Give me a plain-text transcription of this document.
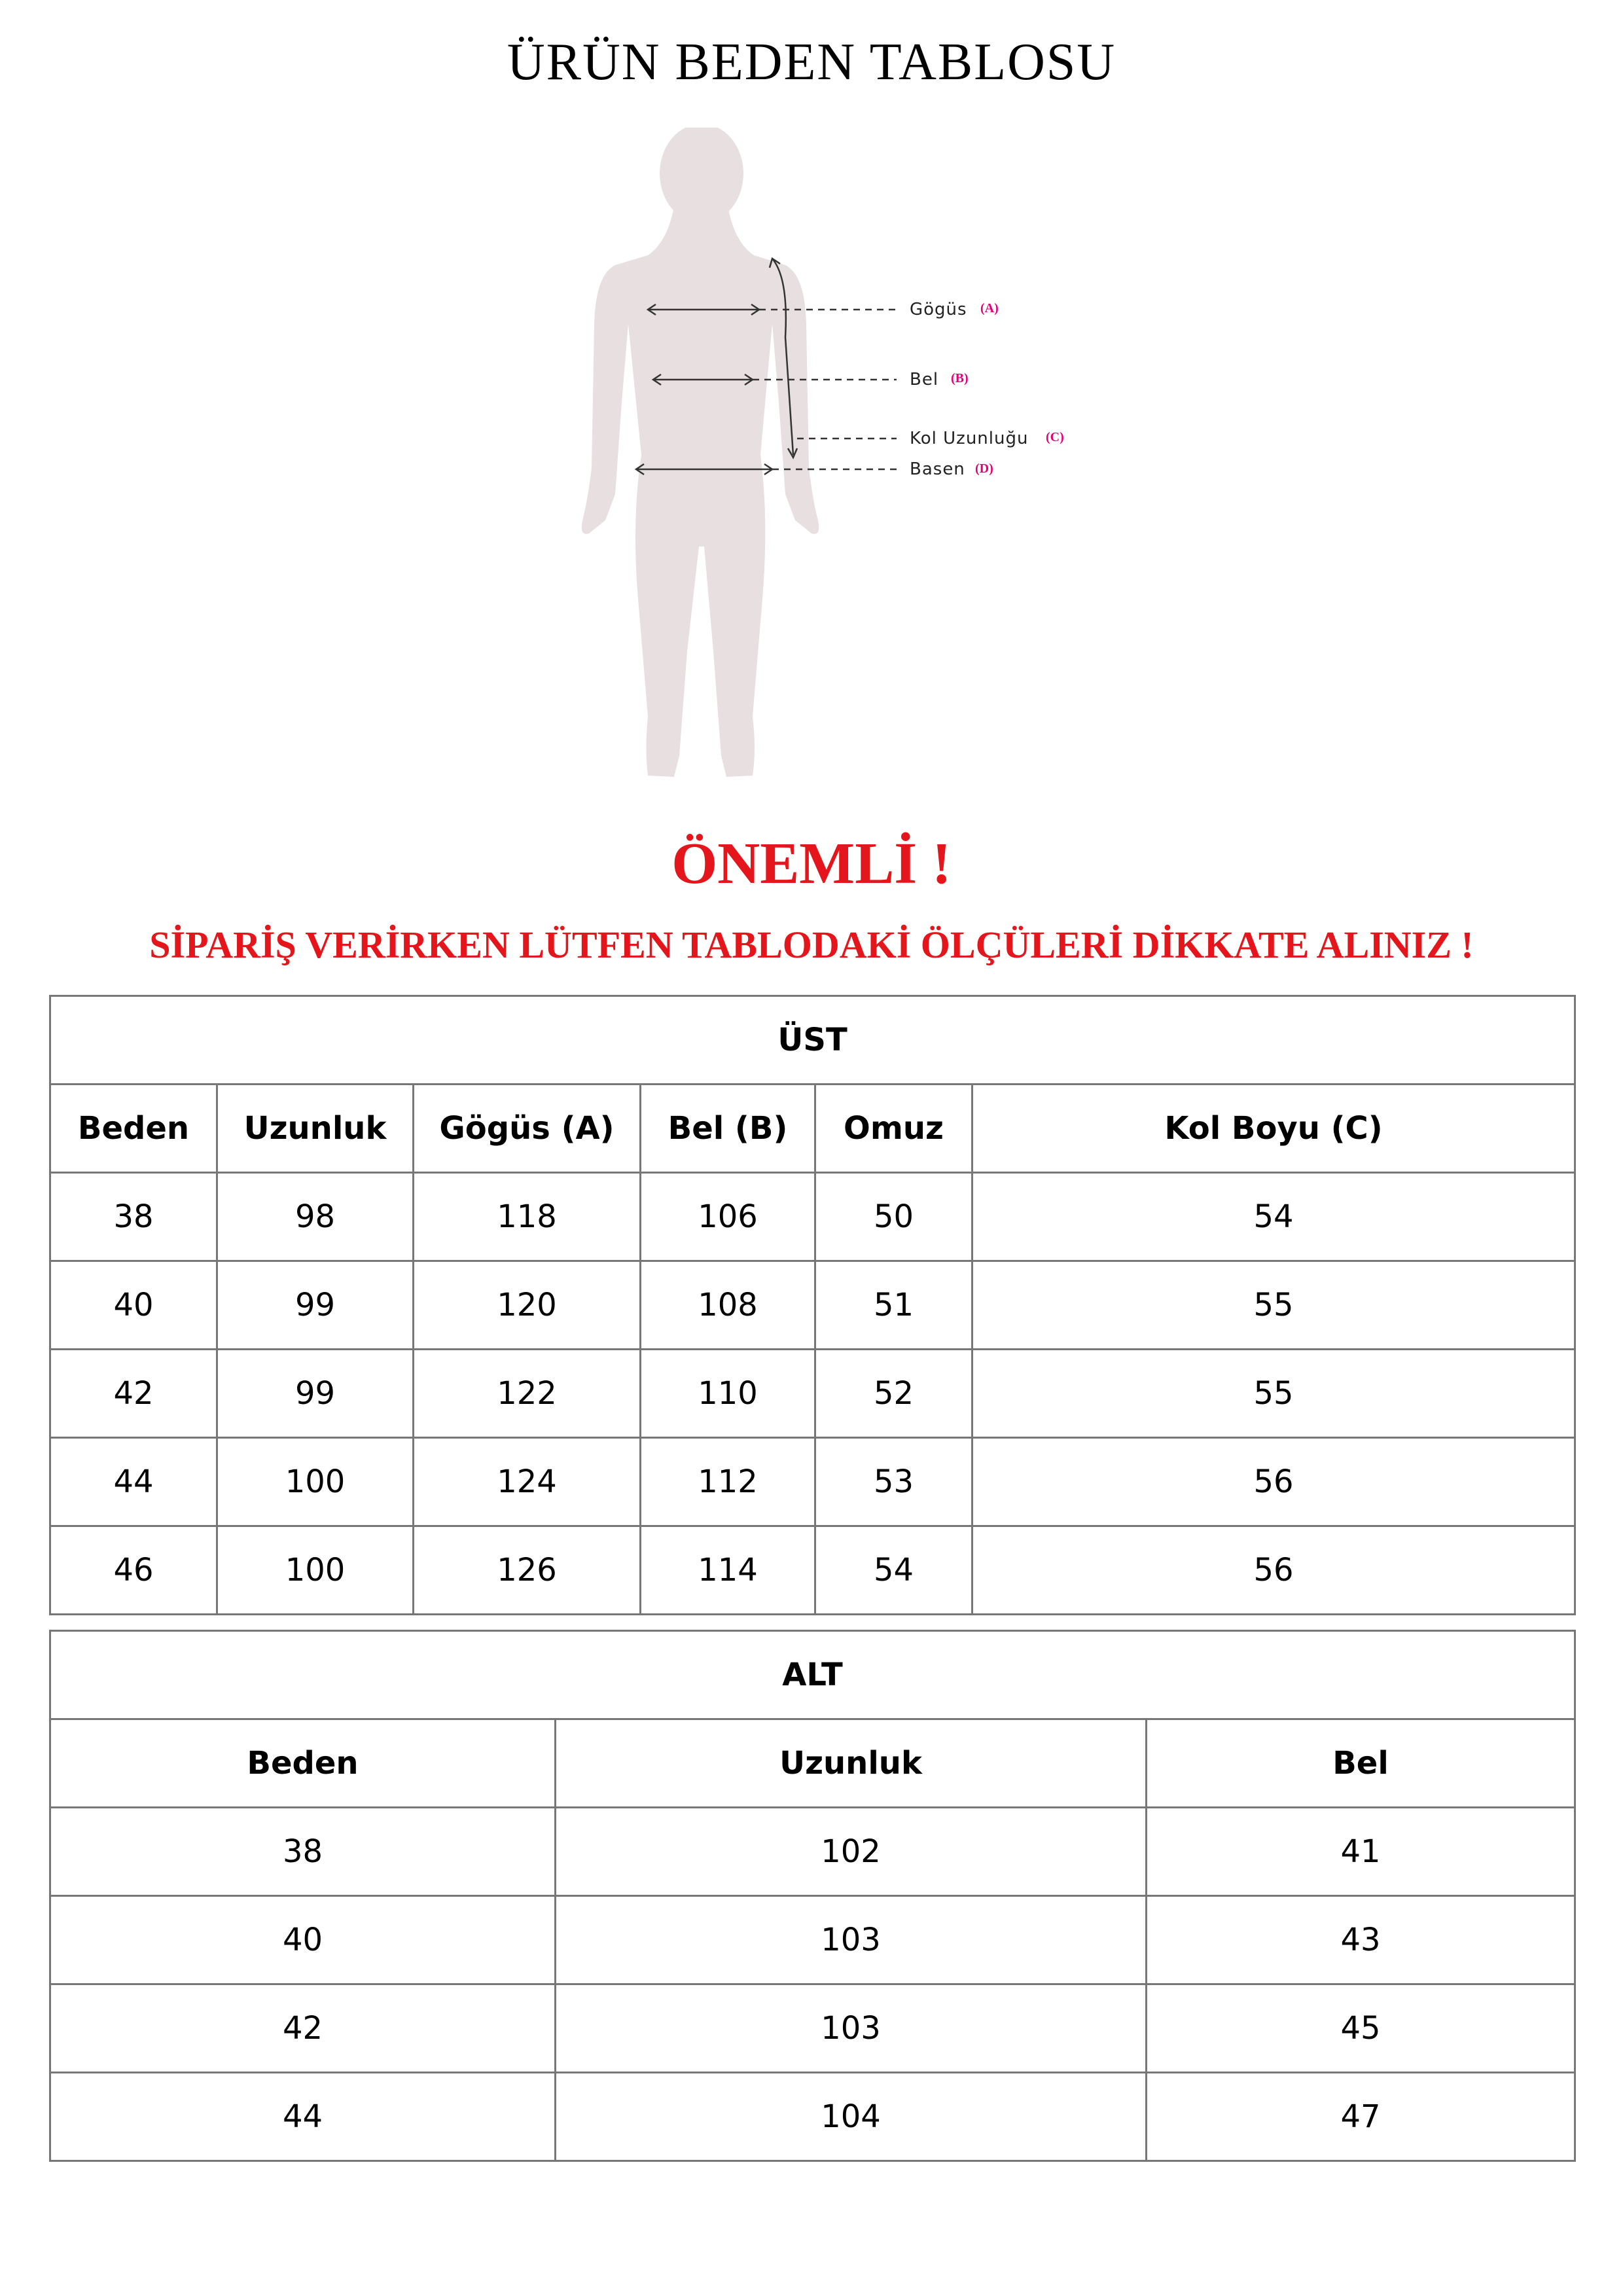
ÜRÜN BEDEN TABLOSU
Gögüs (A)
Bel (B)
Kol Uzunluğu (C)
Basen (D)
ÖNEMLİ !
SİPARİŞ VERİRKEN LÜTFEN TABLODAKİ ÖLÇÜLERİ DİKKATE ALINIZ !
ÜST					
Beden	Uzunluk	Gögüs (A)	Bel (B)	Omuz	Kol Boyu (C)
38	98	118	106	50	54
40	99	120	108	51	55
42	99	122	110	52	55
44	100	124	112	53	56
46	100	126	114	54	56
ALT		
Beden	Uzunluk	Bel
38	102	41
40	103	43
42	103	45
44	104	47
